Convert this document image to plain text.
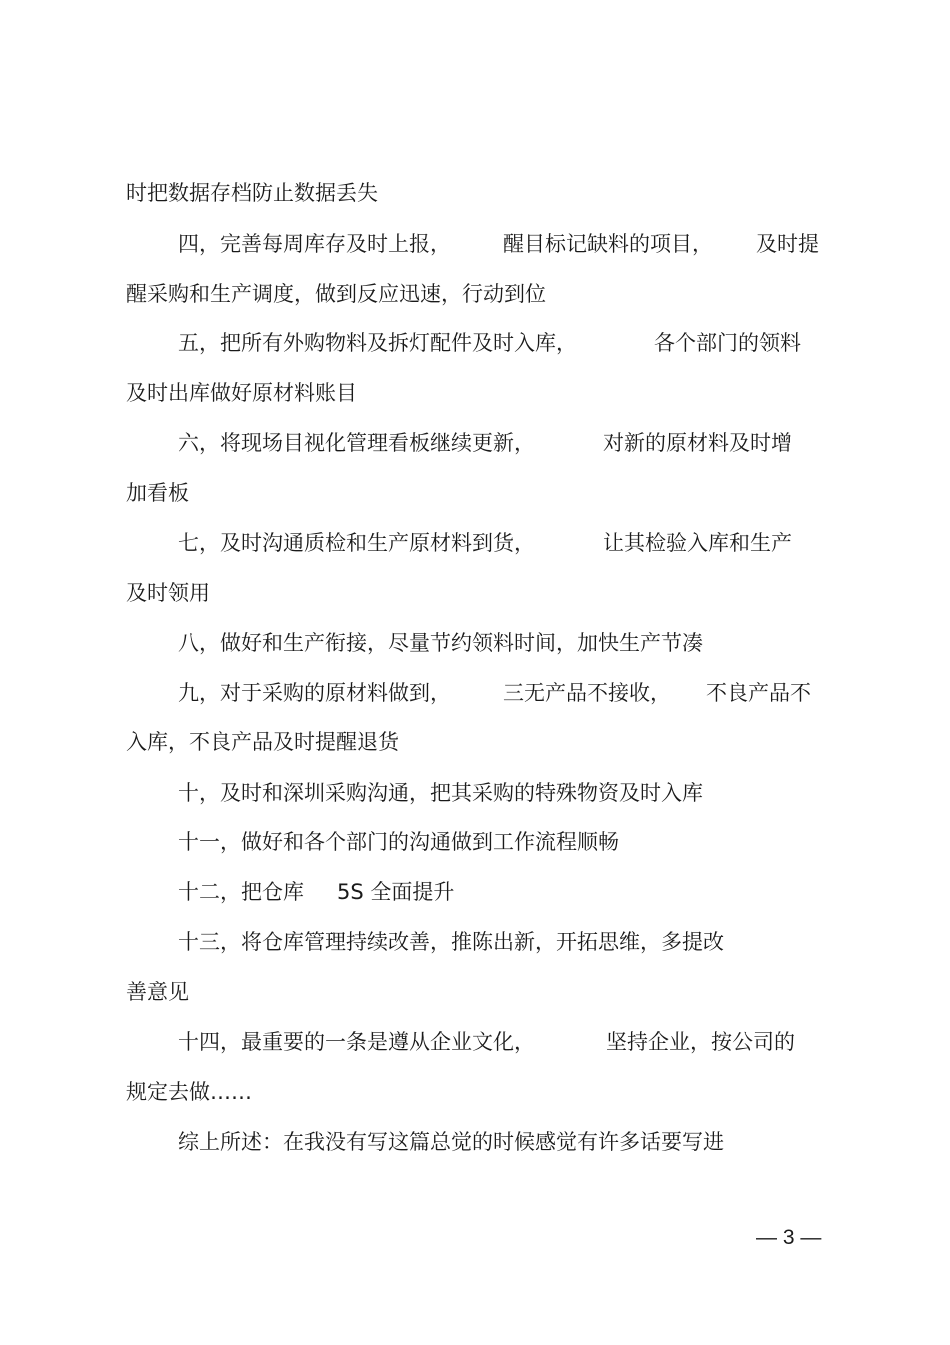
时把数据存档防止数据丢失

四，完善每周库存及时上报，

醒目标记缺料的项目，

及时提

醒采购和生产调度，做到反应迅速，行动到位

五，把所有外购物料及拆灯配件及时入库，

	各个部门的领料

及时出库做好原材料账目

六，将现场目视化管理看板继续更新，

	对新的原材料及时增

加看板

七，及时沟通质检和生产原材料到货，

	让其检验入库和生产

及时领用

八，做好和生产衔接，尽量节约领料时间，加快生产节凑

九，对于采购的原材料做到，

三无产品不接收，

不良产品不

入库，不良产品及时提醒退货

十，及时和深圳采购沟通，把其采购的特殊物资及时入库

十一，做好和各个部门的沟通做到工作流程顺畅

十二，把仓库

5S 全面提升

十三，将仓库管理持续改善，推陈出新，开拓思维，多提改

善意见

十四，最重要的一条是遵从企业文化，

	坚持企业，按公司的

规定去做……

综上所述：在我没有写这篇总觉的时候感觉有许多话要写进

— 3 —
